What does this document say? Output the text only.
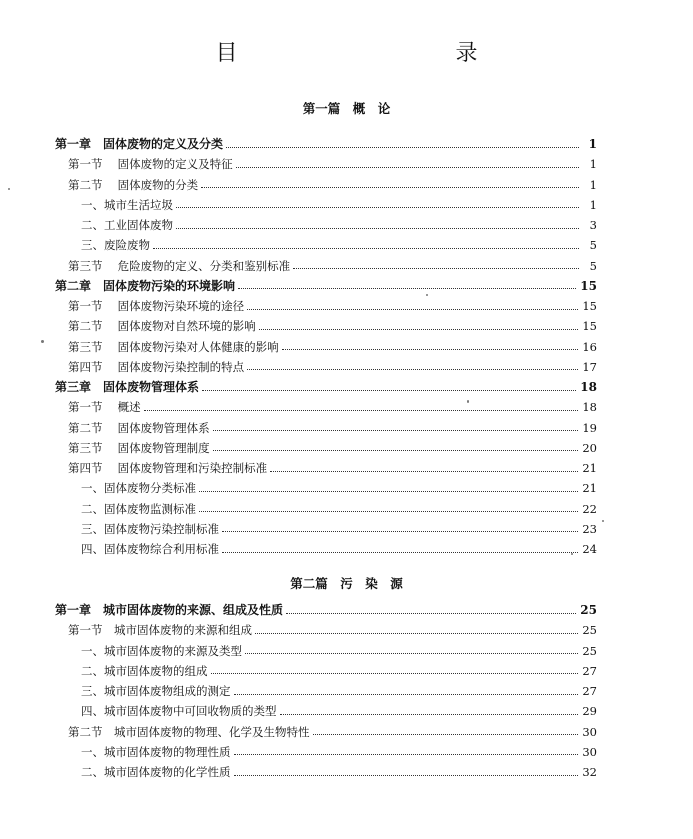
目　　录
第一篇　概　论
第二篇　污　染　源
第一章　固体废物的定义及分类	1
第一节　 固体废物的定义及特征	1
第二节　 固体废物的分类	1
一、城市生活垃圾	1
二、工业固体废物	3
三、废险废物	5
第三节　 危险废物的定义、分类和鉴别标准	5
第二章　固体废物污染的环境影响	15
第一节　 固体废物污染环境的途径	15
第二节　 固体废物对自然环境的影响	15
第三节　 固体废物污染对人体健康的影响	16
第四节　 固体废物污染控制的特点	17
第三章　固体废物管理体系	18
第一节　 概述	18
第二节　 固体废物管理体系	19
第三节　 固体废物管理制度	20
第四节　 固体废物管理和污染控制标准	21
一、固体废物分类标准	21
二、固体废物监测标准	22
三、固体废物污染控制标准	23
四、固体废物综合利用标准	24
第一章　城市固体废物的来源、组成及性质	25
第一节　城市固体废物的来源和组成	25
一、城市固体废物的来源及类型	25
二、城市固体废物的组成	27
三、城市固体废物组成的测定	27
四、城市固体废物中可回收物质的类型	29
第二节　城市固体废物的物理、化学及生物特性	30
一、城市固体废物的物理性质	30
二、城市固体废物的化学性质	32
